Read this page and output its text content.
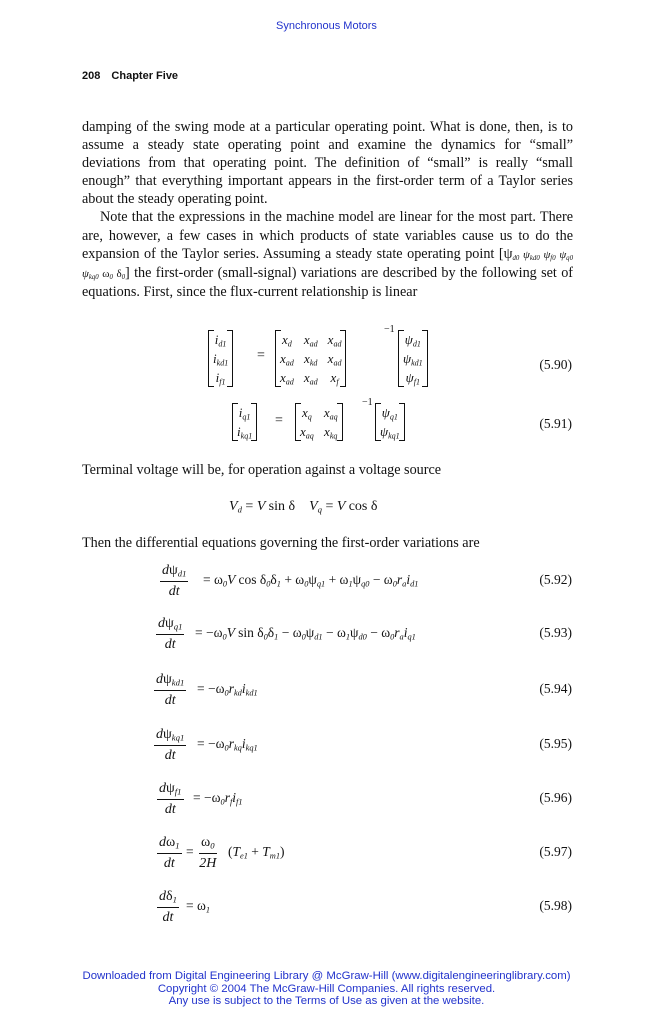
Synchronous Motors
208 Chapter Five

damping of the swing mode at a particular operating point. What is done, then, is to assume a steady state operating point and examine the dynamics for “small” deviations from that operating point. The definition of “small” is really “small enough” that everything important appears in the first-order term of a Taylor series about the steady operating point.

Note that the expressions in the machine model are linear for the most part. There are, however, a few cases in which products of state variables cause us to do the expansion of the Taylor series. Assuming a steady state operating point [$\psi_{d0}$ $\psi_{kd0}$ $\psi_{f0}$ $\psi_{q0}$ $\psi_{kq0}$ $\omega_0$ $\delta_0$] the first-order (small-signal) variations are described by the following set of equations. First, since the flux-current relationship is linear

$i_{d1}$
$i_{kd1}$
$i_{f1}$
=
$x_d$	$x_{ad}$	$x_{ad}$
$x_{ad}$	$x_{kd}$	$x_{ad}$
$x_{ad}$	$x_{ad}$	$x_f$
−1
$\psi_{d1}$
$\psi_{kd1}$
$\psi_{f1}$
(5.90)
$i_{q1}$
$i_{kq1}$
=
$x_q$	$x_{aq}$
$x_{aq}$	$x_{kq}$
−1
$\psi_{q1}$
$\psi_{kq1}$
(5.91)
Terminal voltage will be, for operation against a voltage source
$V_d = V$ sin δ    $V_q = V$ cos δ
Then the differential equations governing the first-order variations are
$d\psi_{d1}$
dt
= $\omega_0V$ $\cos \delta_0\delta_1 + \omega_0\psi_{q1} + \omega_1\psi_{q0} - \omega_0r_ai_{d1}$	(5.92)
$d\psi_{q1}$
dt
= $-\omega_0V$ $\sin \delta_0\delta_1 - \omega_0\psi_{d1} - \omega_1\psi_{d0} - \omega_0r_ai_{q1}$	(5.93)
$d\psi_{kd1}$
dt
= $-\omega_0r_{kd}i_{kd1}$	(5.94)
$d\psi_{kq1}$
dt
= $-\omega_0r_{kq}i_{kq1}$	(5.95)
$d\psi_{f1}$
dt
= $-\omega_0r_fi_{f1}$	(5.96)
$\frac{d\omega_1}{dt} = \frac{\omega_0}{2H} (T_{e1} + T_{m1})$	(5.97)
$\frac{d\delta_1}{dt} = \omega_1$	(5.98)
Downloaded from Digital Engineering Library @ McGraw-Hill (www.digitalengineeringlibrary.com)
Copyright © 2004 The McGraw-Hill Companies. All rights reserved.
Any use is subject to the Terms of Use as given at the website.
